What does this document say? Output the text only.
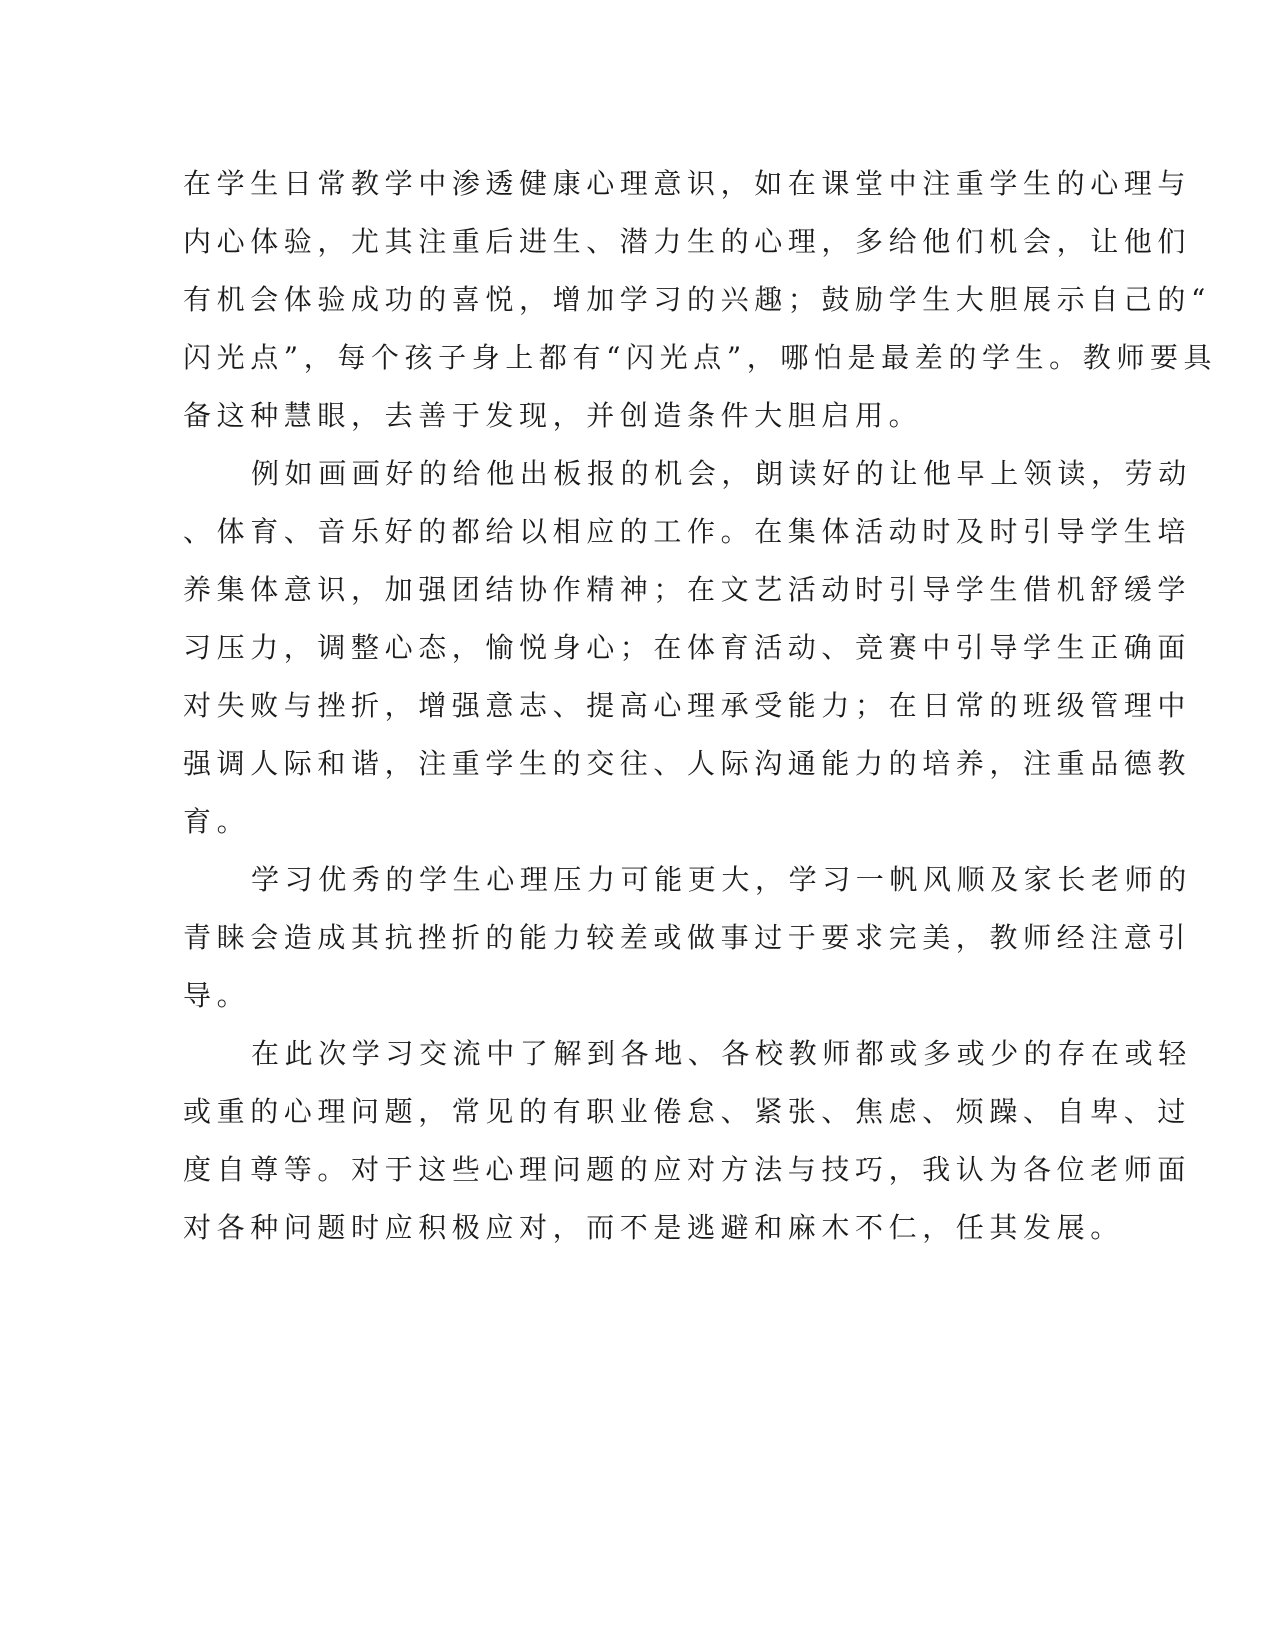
在学生日常教学中渗透健康心理意识，如在课堂中注重学生的心理与
内心体验，尤其注重后进生、潜力生的心理，多给他们机会，让他们
有机会体验成功的喜悦，增加学习的兴趣；鼓励学生大胆展示自己的“
闪光点”，每个孩子身上都有“闪光点”，哪怕是最差的学生。教师要具
备这种慧眼，去善于发现，并创造条件大胆启用。
例如画画好的给他出板报的机会，朗读好的让他早上领读，劳动
、体育、音乐好的都给以相应的工作。在集体活动时及时引导学生培
养集体意识，加强团结协作精神；在文艺活动时引导学生借机舒缓学
习压力，调整心态，愉悦身心；在体育活动、竞赛中引导学生正确面
对失败与挫折，增强意志、提高心理承受能力；在日常的班级管理中
强调人际和谐，注重学生的交往、人际沟通能力的培养，注重品德教
育。
学习优秀的学生心理压力可能更大，学习一帆风顺及家长老师的
青睐会造成其抗挫折的能力较差或做事过于要求完美，教师经注意引
导。
在此次学习交流中了解到各地、各校教师都或多或少的存在或轻
或重的心理问题，常见的有职业倦怠、紧张、焦虑、烦躁、自卑、过
度自尊等。对于这些心理问题的应对方法与技巧，我认为各位老师面
对各种问题时应积极应对，而不是逃避和麻木不仁，任其发展。
